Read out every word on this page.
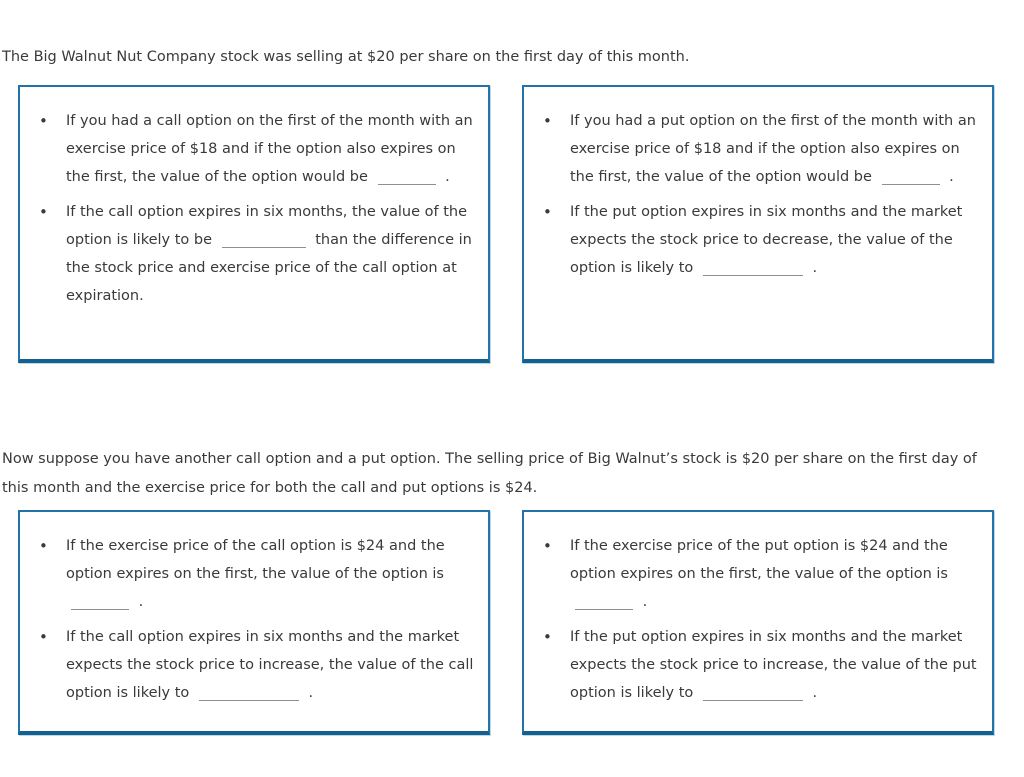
The Big Walnut Nut Company stock was selling at $20 per share on the first day of this month.

• If you had a call option on the first of the month with an exercise price of $18 and if the option also expires on the first, the value of the option would be	.
• If the call option expires in six months, the value of the option is likely to be	than the difference in the stock price and exercise price of the call option at expiration.
• If you had a put option on the first of the month with an exercise price of $18 and if the option also expires on the first, the value of the option would be	.
• If the put option expires in six months and the market expects the stock price to decrease, the value of the option is likely to	.

Now suppose you have another call option and a put option. The selling price of Big Walnut’s stock is $20 per share on the first day of this month and the exercise price for both the call and put options is $24.

• If the exercise price of the call option is $24 and the option expires on the first, the value of the option is  .
• If the call option expires in six months and the market expects the stock price to increase, the value of the call option is likely to	.
• If the exercise price of the put option is $24 and the option expires on the first, the value of the option is  .
• If the put option expires in six months and the market expects the stock price to increase, the value of the put option is likely to	.
